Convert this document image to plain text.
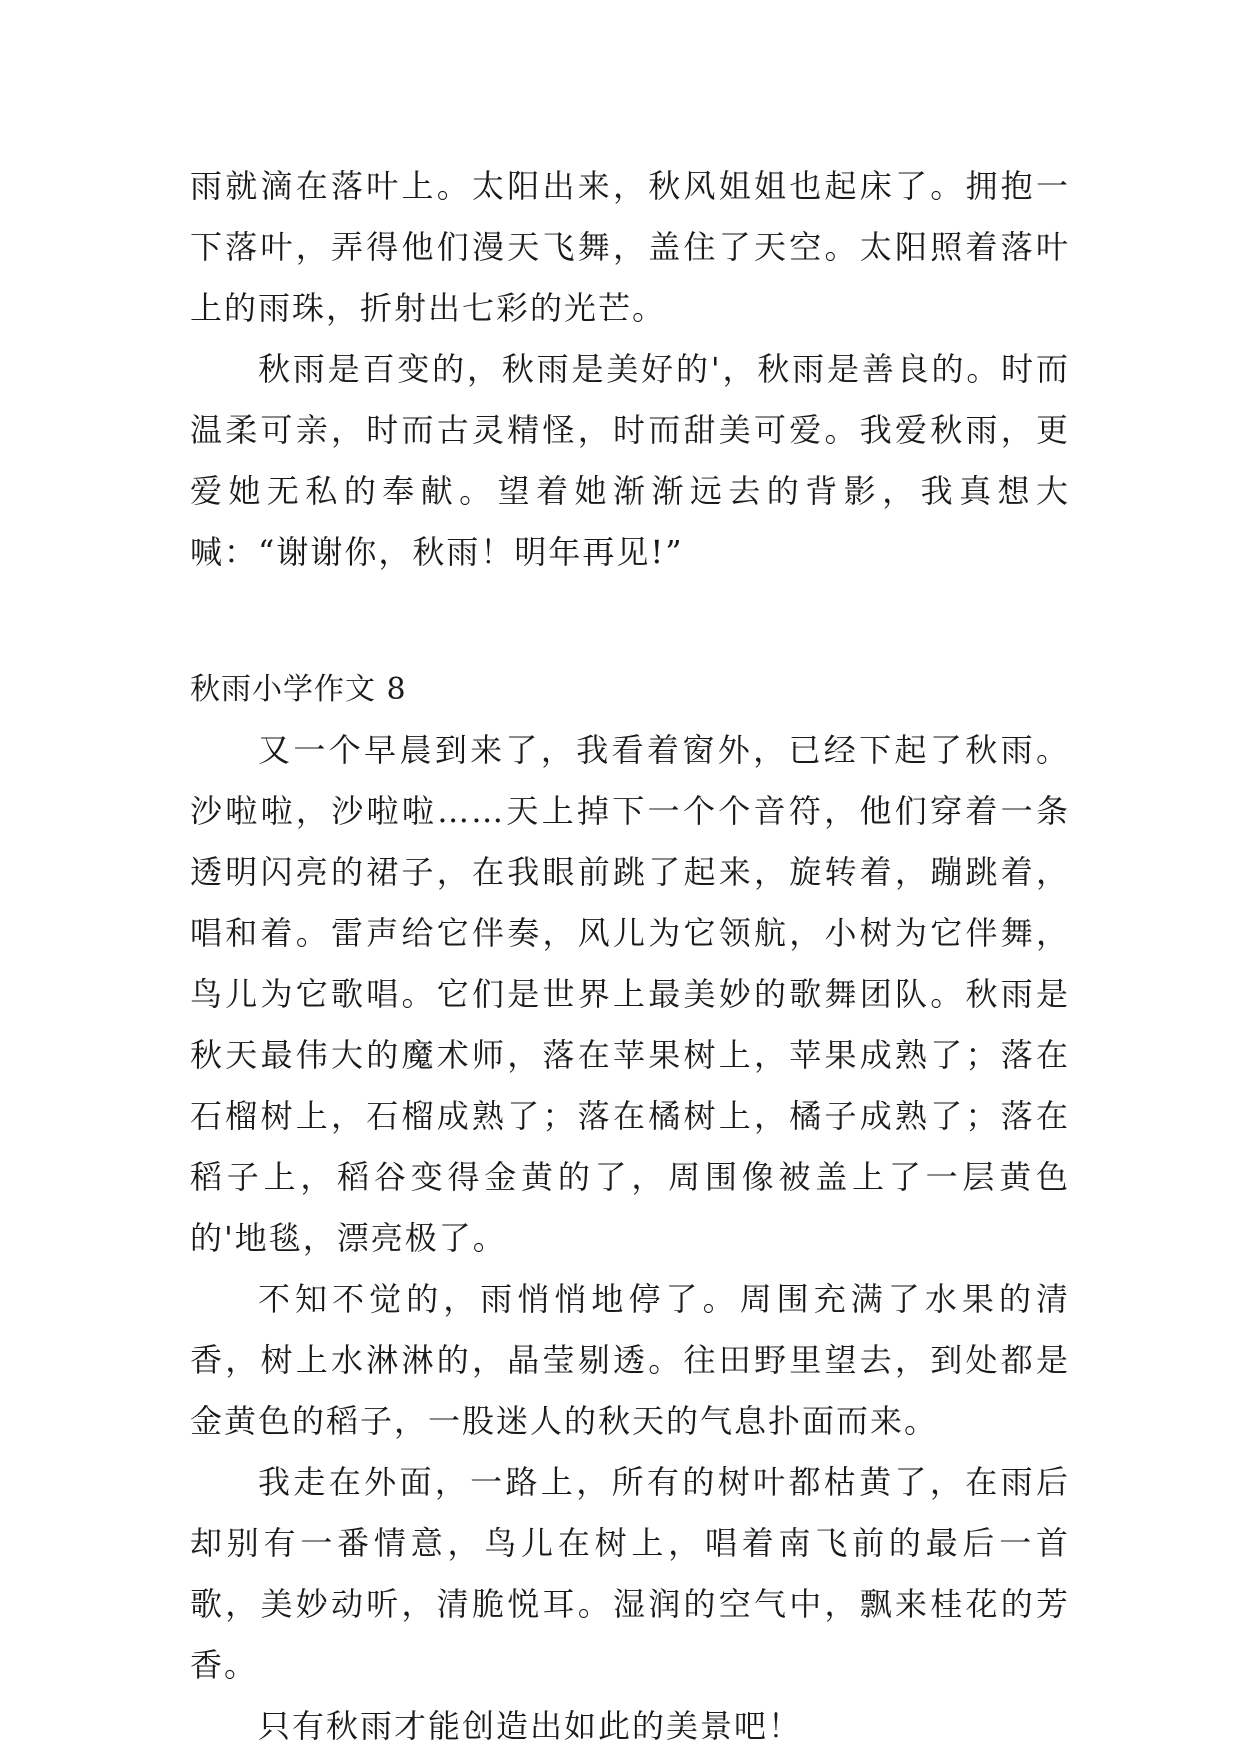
雨就滴在落叶上。太阳出来，秋风姐姐也起床了。拥抱一下落叶，弄得他们漫天飞舞，盖住了天空。太阳照着落叶上的雨珠，折射出七彩的光芒。

秋雨是百变的，秋雨是美好的'，秋雨是善良的。时而温柔可亲，时而古灵精怪，时而甜美可爱。我爱秋雨，更爱她无私的奉献。望着她渐渐远去的背影，我真想大喊：“谢谢你，秋雨！明年再见!”

秋雨小学作文 8

又一个早晨到来了，我看着窗外，已经下起了秋雨。沙啦啦，沙啦啦……天上掉下一个个音符，他们穿着一条透明闪亮的裙子，在我眼前跳了起来，旋转着，蹦跳着，唱和着。雷声给它伴奏，风儿为它领航，小树为它伴舞，鸟儿为它歌唱。它们是世界上最美妙的歌舞团队。秋雨是秋天最伟大的魔术师，落在苹果树上，苹果成熟了；落在石榴树上，石榴成熟了；落在橘树上，橘子成熟了；落在稻子上，稻谷变得金黄的了，周围像被盖上了一层黄色的'地毯，漂亮极了。

不知不觉的，雨悄悄地停了。周围充满了水果的清香，树上水淋淋的，晶莹剔透。往田野里望去，到处都是金黄色的稻子，一股迷人的秋天的气息扑面而来。

我走在外面，一路上，所有的树叶都枯黄了，在雨后却别有一番情意，鸟儿在树上，唱着南飞前的最后一首歌，美妙动听，清脆悦耳。湿润的空气中，飘来桂花的芳香。

只有秋雨才能创造出如此的美景吧！
